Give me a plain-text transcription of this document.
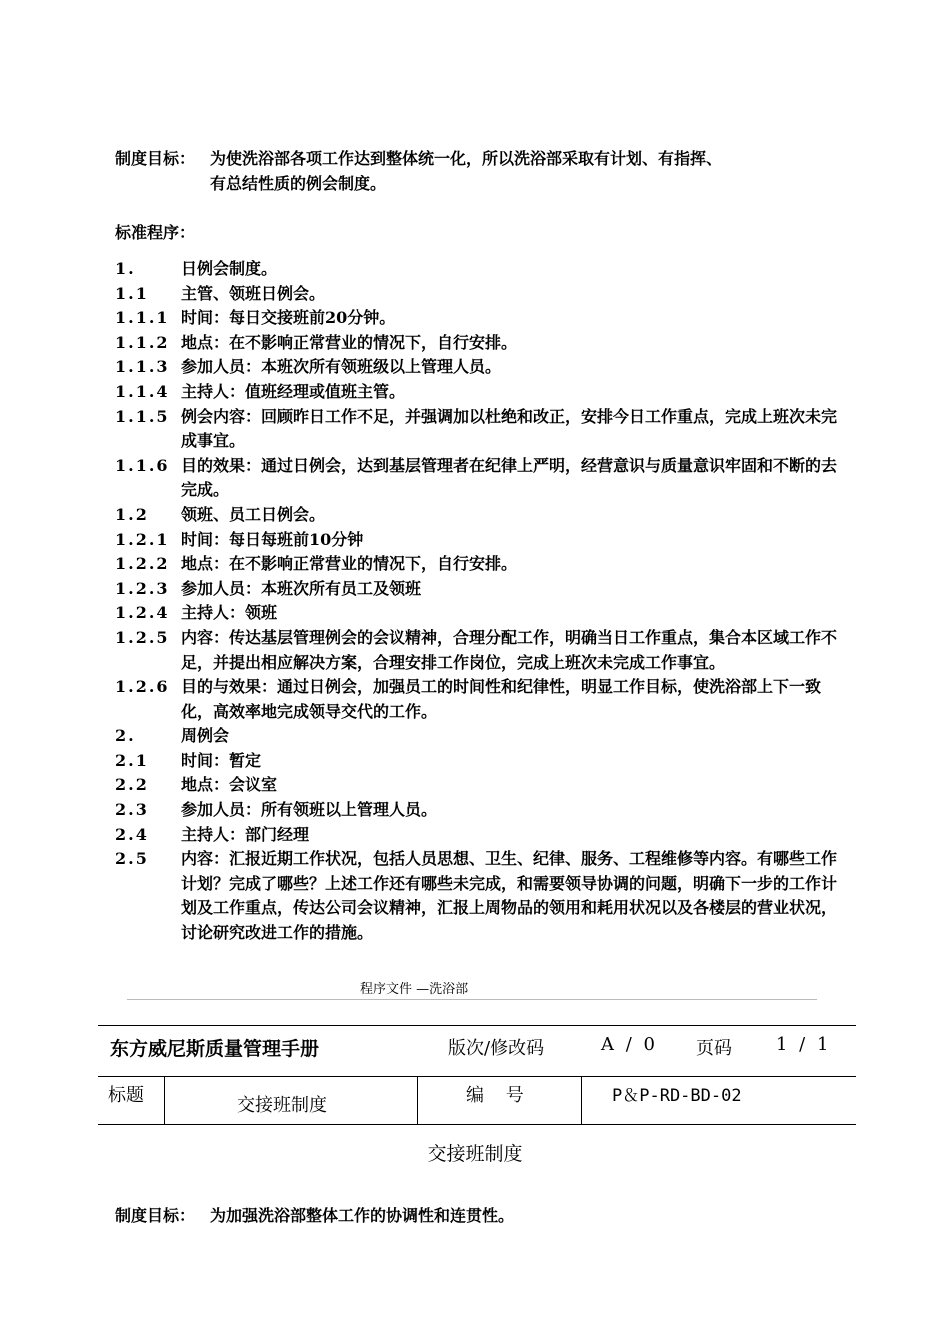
制度目标： 为使洗浴部各项工作达到整体统一化，所以洗浴部采取有计划、有指挥、
有总结性质的例会制度。
标准程序：
1.	日例会制度。
1.1	主管、领班日例会。
1.1.1 时间：每日交接班前20分钟。
1.1.2 地点：在不影响正常营业的情况下，自行安排。
1.1.3 参加人员：本班次所有领班级以上管理人员。
1.1.4 主持人：值班经理或值班主管。
1.1.5 例会内容：回顾昨日工作不足，并强调加以杜绝和改正，安排今日工作重点，完成上班次未完成事宜。
1.1.6 目的效果：通过日例会，达到基层管理者在纪律上严明，经营意识与质量意识牢固和不断的去完成。
1.2	领班、员工日例会。
1.2.1 时间：每日每班前10分钟
1.2.2 地点：在不影响正常营业的情况下，自行安排。
1.2.3 参加人员：本班次所有员工及领班
1.2.4 主持人：领班
1.2.5 内容：传达基层管理例会的会议精神，合理分配工作，明确当日工作重点，集合本区域工作不足，并提出相应解决方案，合理安排工作岗位，完成上班次未完成工作事宜。
1.2.6 目的与效果：通过日例会，加强员工的时间性和纪律性，明显工作目标，使洗浴部上下一致化，高效率地完成领导交代的工作。
2.	周例会
2.1	时间：暂定
2.2	地点：会议室
2.3	参加人员：所有领班以上管理人员。
2.4	主持人：部门经理
2.5	内容：汇报近期工作状况，包括人员思想、卫生、纪律、服务、工程维修等内容。有哪些工作计划？完成了哪些？上述工作还有哪些未完成，和需要领导协调的问题，明确下一步的工作计划及工作重点，传达公司会议精神，汇报上周物品的领用和耗用状况以及各楼层的营业状况，讨论研究改进工作的措施。
程序文件 —洗浴部
东方威尼斯质量管理手册	版次/修改码	A / 0 页码 1 / 1
标题	交接班制度	编 号	P＆P-RD-BD-02
交接班制度
制度目标： 为加强洗浴部整体工作的协调性和连贯性。
